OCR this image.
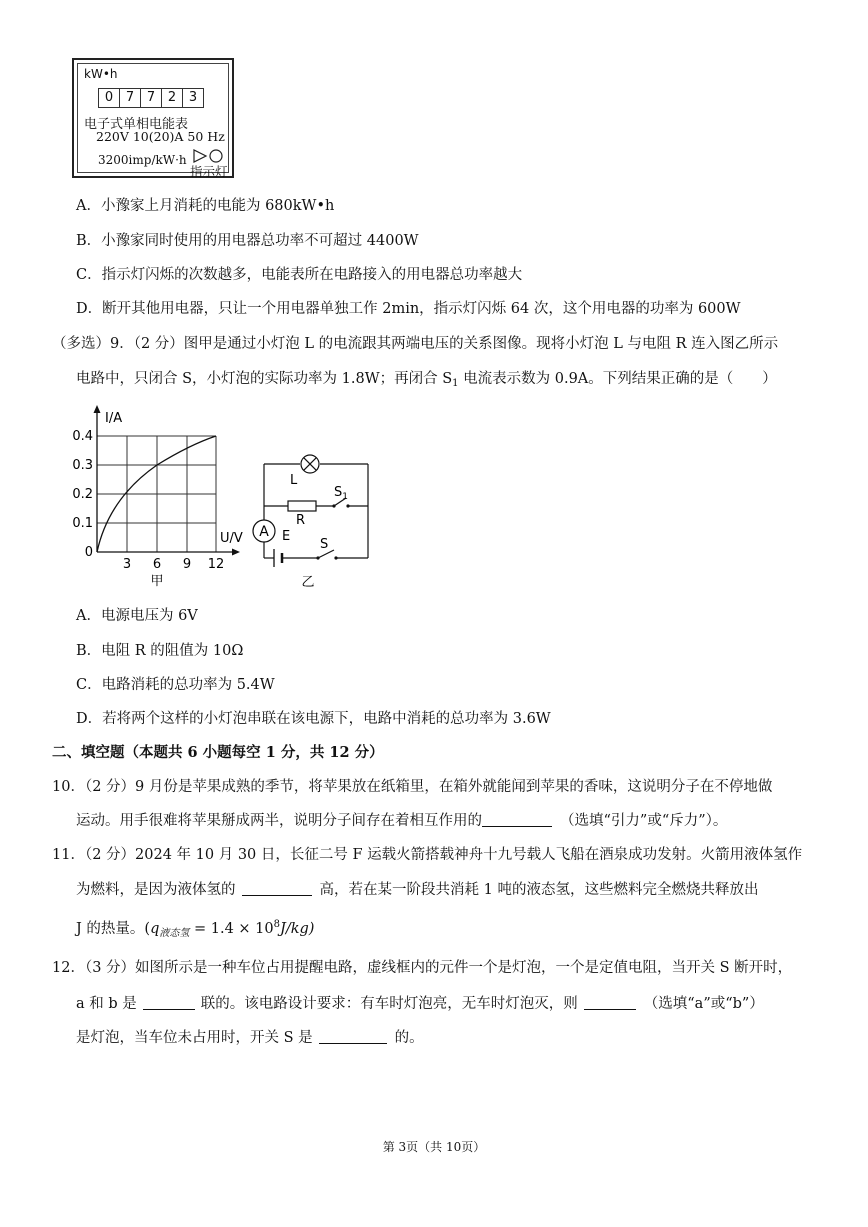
kW•h
0 7 7 2 3
电子式单相电能表
220V 10(20)A 50 Hz
3200imp/kW·h
指示灯
A．小豫家上月消耗的电能为 680kW•h
B．小豫家同时使用的用电器总功率不可超过 4400W
C．指示灯闪烁的次数越多，电能表所在电路接入的用电器总功率越大
D．断开其他用电器，只让一个用电器单独工作 2min，指示灯闪烁 64 次，这个用电器的功率为 600W
（多选）9．（2 分）图甲是通过小灯泡 L 的电流跟其两端电压的关系图像。现将小灯泡 L 与电阻 R 连入图乙所示
电路中，只闭合 S，小灯泡的实际功率为 1.8W；再闭合 $S_1$ 电流表示数为 0.9A。下列结果正确的是（　　）
I/A
U/V
0.4
0.3
0.2
0.1
0
3 6 9 12
甲
A
L
R
$S_1$
E
S
乙
A．电源电压为 6V
B．电阻 R 的阻值为 10Ω
C．电路消耗的总功率为 5.4W
D．若将两个这样的小灯泡串联在该电源下，电路中消耗的总功率为 3.6W
二、填空题（本题共 6 小题每空 1 分，共 12 分）
10．（2 分）9 月份是苹果成熟的季节，将苹果放在纸箱里，在箱外就能闻到苹果的香味，这说明分子在不停地做
运动。用手很难将苹果掰成两半，说明分子间存在着相互作用的	（选填“引力”或“斥力”）。
11．（2 分）2024 年 10 月 30 日，长征二号 F 运载火箭搭载神舟十九号载人飞船在酒泉成功发射。火箭用液体氢作
为燃料，是因为液体氢的	高，若在某一阶段共消耗 1 吨的液态氢，这些燃料完全燃烧共释放出
J 的热量。$(q_{液态氢} = 1.4 \times 10^8J/kg)$
12．（3 分）如图所示是一种车位占用提醒电路，虚线框内的元件一个是灯泡，一个是定值电阻，当开关 S 断开时，
a 和 b 是	联的。该电路设计要求：有车时灯泡亮，无车时灯泡灭，则	（选填“a”或“b”）
是灯泡，当车位未占用时，开关 S 是	的。
第 3页（共 10页）
